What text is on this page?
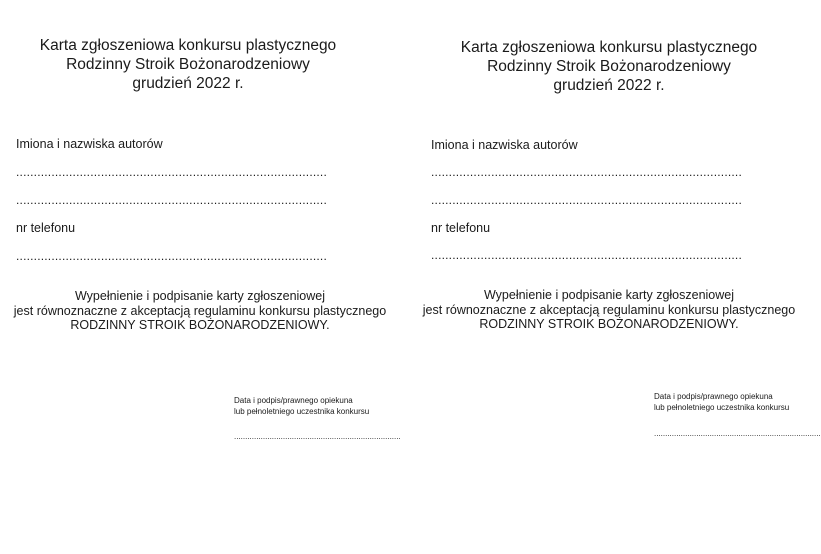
Karta zgłoszeniowa konkursu plastycznego
Rodzinny Stroik Bożonarodzeniowy
grudzień 2022 r.
Imiona i nazwiska autorów
........................................................................................
........................................................................................
nr telefonu
........................................................................................
Wypełnienie i podpisanie karty zgłoszeniowej
jest równoznaczne z akceptacją regulaminu konkursu plastycznego
RODZINNY STROIK BOŻONARODZENIOWY.
Data i podpis/prawnego opiekuna
lub pełnoletniego uczestnika konkursu
...........................................................................
Karta zgłoszeniowa konkursu plastycznego
Rodzinny Stroik Bożonarodzeniowy
grudzień 2022 r.
Imiona i nazwiska autorów
........................................................................................
........................................................................................
nr telefonu
........................................................................................
Wypełnienie i podpisanie karty zgłoszeniowej
jest równoznaczne z akceptacją regulaminu konkursu plastycznego
RODZINNY STROIK BOŻONARODZENIOWY.
Data i podpis/prawnego opiekuna
lub pełnoletniego uczestnika konkursu
...........................................................................
